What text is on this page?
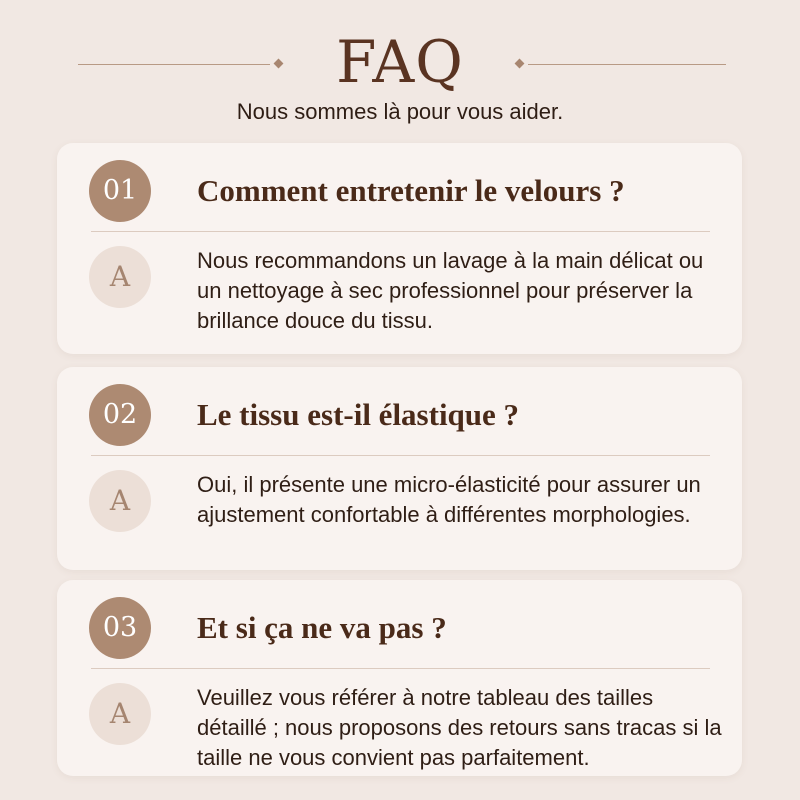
FAQ
Nous sommes là pour vous aider.
01	Comment entretenir le velours ?
A	Nous recommandons un lavage à la main délicat ou un nettoyage à sec professionnel pour préserver la brillance douce du tissu.

02	Le tissu est-il élastique ?
A	Oui, il présente une micro-élasticité pour assurer un ajustement confortable à différentes morphologies.

03	Et si ça ne va pas ?
A	Veuillez vous référer à notre tableau des tailles détaillé ; nous proposons des retours sans tracas si la taille ne vous convient pas parfaitement.
